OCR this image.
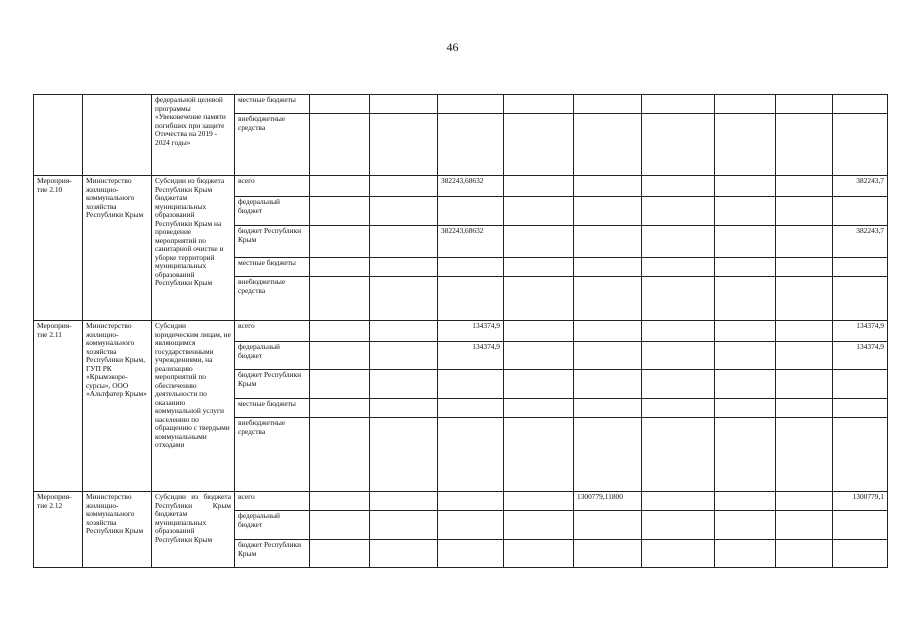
46
		федеральной целевой программы «Увековечение памяти погибших при защите Отечества на 2019 - 2024 годы»	местные бюджеты									
			внебюджетные средства									
Мероприя-тие 2.10	Министерство жилищно-коммунального хозяйства Республики Крым	Субсидии из бюджета Республики Крым бюджетам муниципальных образований Республики Крым на проведение мероприятий по санитарной очистке и уборке территорий муниципальных образований Республики Крым	всего			382243,68632						382243,7
			федеральный бюджет									
			бюджет Республики Крым			382243,68632						382243,7
			местные бюджеты									
			внебюджетные средства									
Мероприя-тие 2.11	Министерство жилищно-коммунального хозяйства Республики Крым, ГУП РК «Крымэкоре-сурсы», ООО «Альтфатер Крым»	Субсидии юридическим лицам, не являющимся государственными учреждениями, на реализацию мероприятий по обеспечению деятельности по оказанию коммунальной услуги населению по обращению с твердыми коммунальными отходами	всего			134374,9						134374,9
			федеральный бюджет			134374,9						134374,9
			бюджет Республики Крым									
			местные бюджеты									
			внебюджетные средства									
Мероприя-тие 2.12	Министерство жилищно-коммунального хозяйства Республики Крым	Субсидии из бюджета Республики Крым бюджетам муниципальных образований Республики Крым	всего					1300779,11800				1300779,1
			федеральный бюджет									
			бюджет Республики Крым									
